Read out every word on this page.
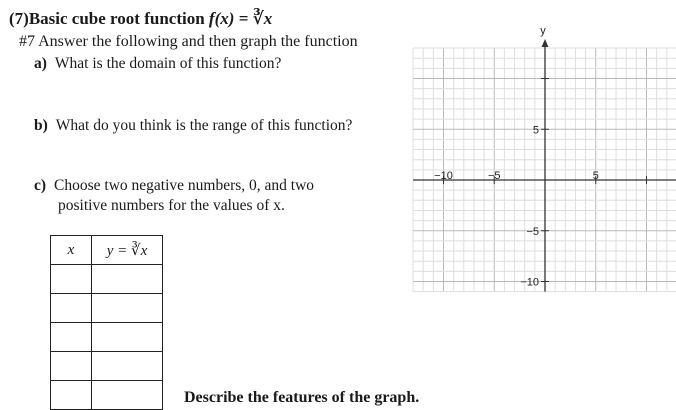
(7)Basic cube root function f(x) = ∛x
#7 Answer the following and then graph the function
a) What is the domain of this function?
b) What do you think is the range of this function?
c) Choose two negative numbers, 0, and two
positive numbers for the values of x.
x	y = ∛x

Describe the features of the graph.
y
−10	−5	5
5
−5
−10
